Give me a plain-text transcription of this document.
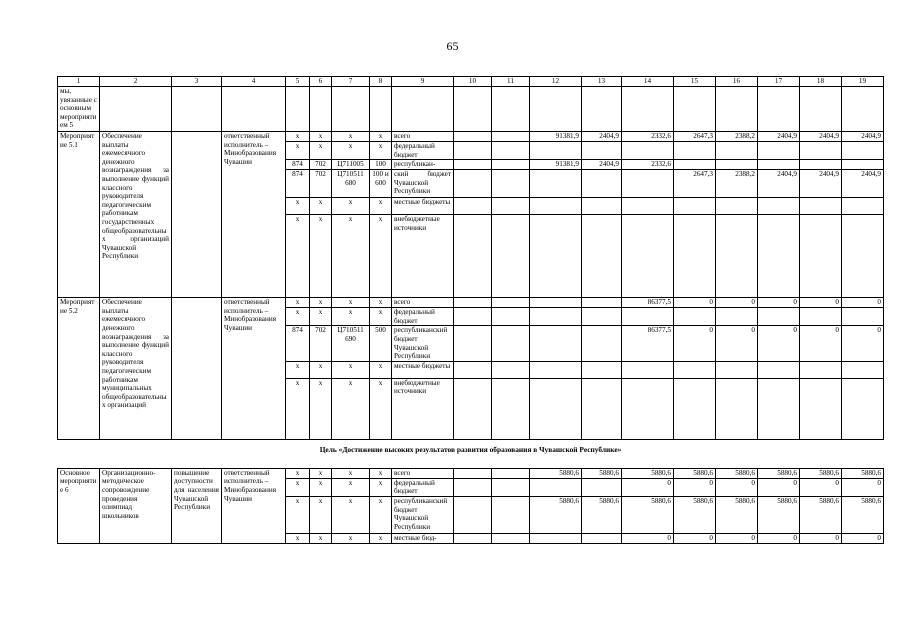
65
1	2	3	4	5	6	7	8	9	10	11	12	13	14	15	16	17	18	19
мы, увязанные с основным мероприятием 5																		
Мероприятие 5.1	Обеспечение выплаты ежемесячного денежного вознаграждения за выполнение функций классного руководителя педагогическим работникам государственных общеобразовательных организаций Чувашской Республики		ответственный исполнитель – Минобразования Чувашии	x	x	x	x	всего			91381,9	2404,9	2332,6	2647,3	2388,2	2404,9	2404,9	2404,9
				x	x	x	x	федеральный бюджет										
				874	702	Ц711005	100	республикан-			91381,9	2404,9	2332,6					
				874	702	Ц710511 680	100 и 600	ский бюджет Чувашской Республики						2647,3	2388,2	2404,9	2404,9	2404,9
				x	x	x	x	местные бюджеты										
				x	x	x	x	внебюджетные источники										
Мероприятие 5.2	Обеспечение выплаты ежемесячного денежного вознаграждения за выполнение функций классного руководителя педагогическим работникам муниципальных общеобразовательных организаций		ответственный исполнитель – Минобразования Чувашии	x	x	x	x	всего					86377,5	0	0	0	0	0
				x	x	x	x	федеральный бюджет										
				874	702	Ц710511 690	500	республиканский бюджет Чувашской Республики					86377,5	0	0	0	0	0
				x	x	x	x	местные бюджеты										
				x	x	x	x	внебюджетные источники										
Цель «Достижение высоких результатов развития образования в Чувашской Республике»																		

Основное мероприятие 6	Организационно-методическое сопровождение проведения олимпиад школьников	повышение доступности для населения Чувашской Республики	ответственный исполнитель – Минобразования Чувашии	x	x	x	x	всего			5880,6	5880,6	5880,6	5880,6	5880,6	5880,6	5880,6	5880,6
				x	x	x	x	федеральный бюджет					0	0	0	0	0	0
				x	x	x	x	республиканский бюджет Чувашской Республики			5880,6	5880,6	5880,6	5880,6	5880,6	5880,6	5880,6	5880,6
				x	x	x	x	местные бюд-					0	0	0	0	0	0
